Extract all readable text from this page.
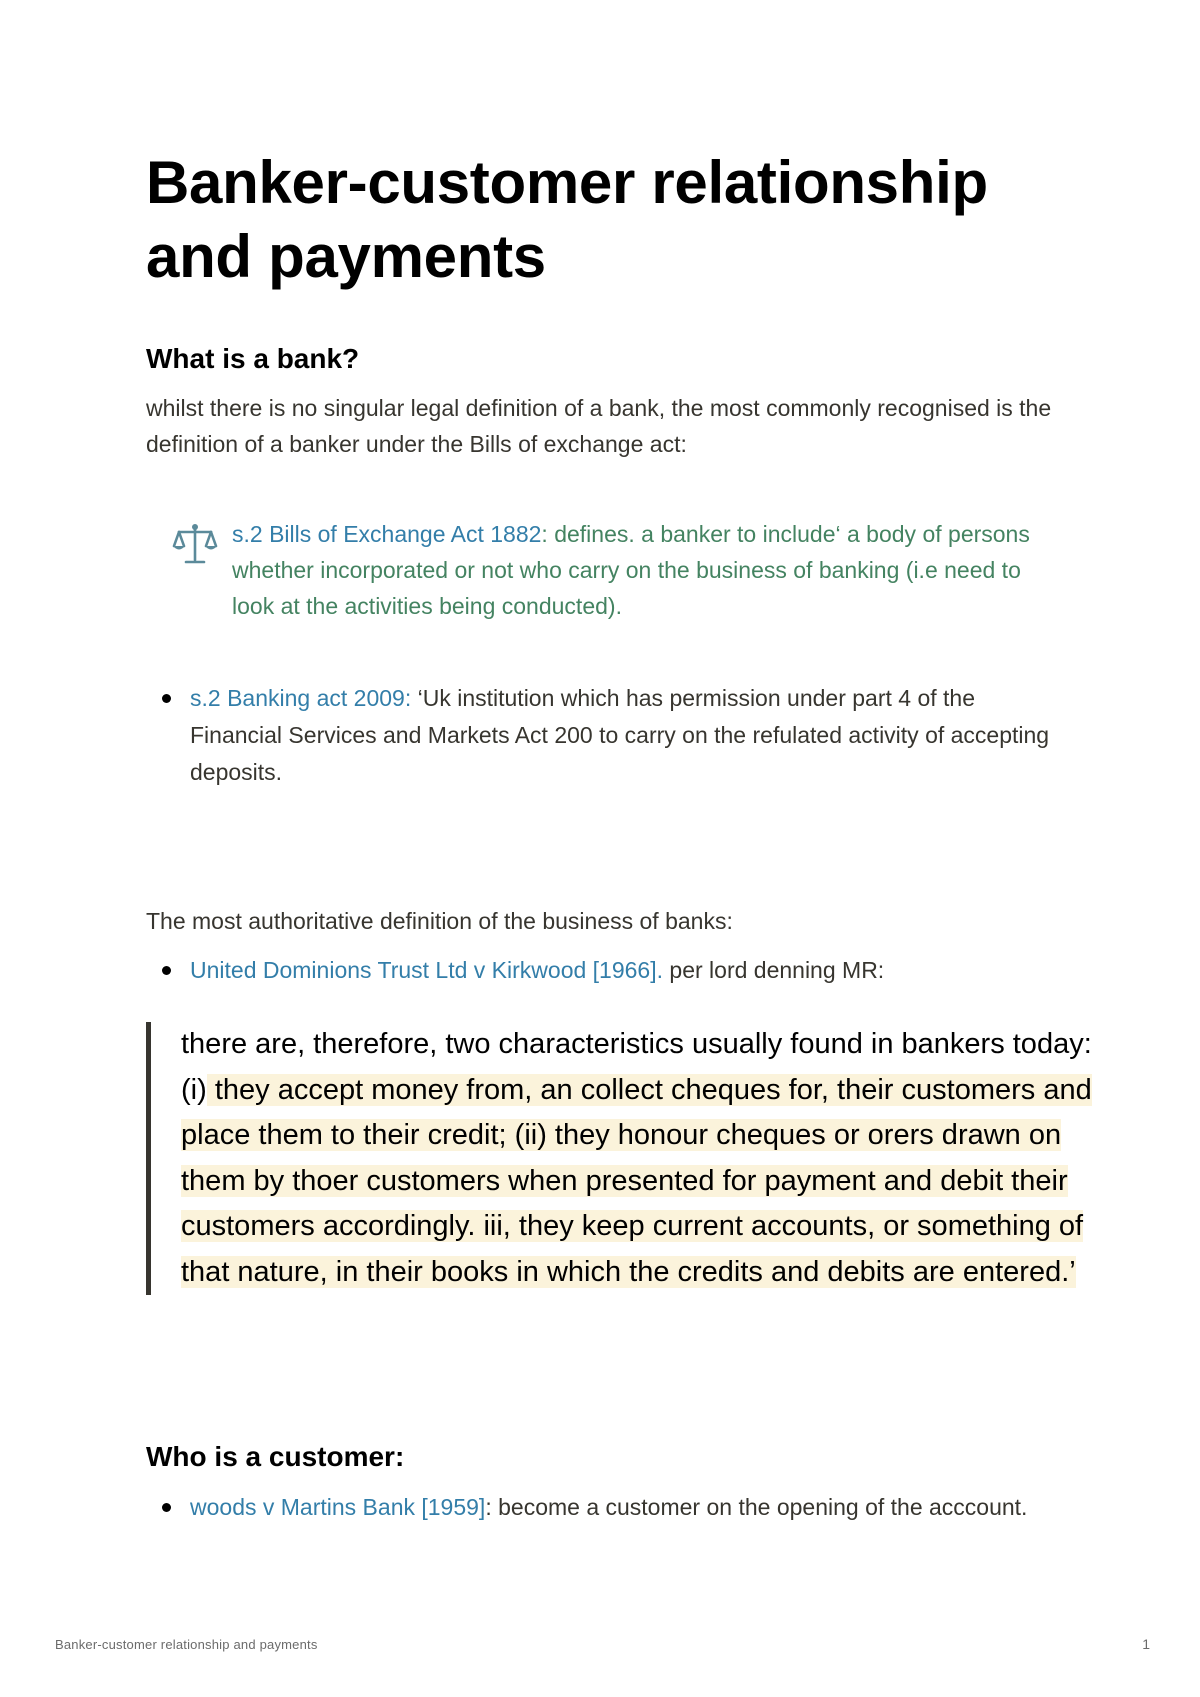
Banker-customer relationship and payments
What is a bank?

whilst there is no singular legal definition of a bank, the most commonly recognised is the definition of a banker under the Bills of exchange act:

s.2 Bills of Exchange Act 1882: defines. a banker to include‘ a body of persons whether incorporated or not who carry on the business of banking (i.e need to look at the activities being conducted).
s.2 Banking act 2009: ‘Uk institution which has permission under part 4 of the Financial Services and Markets Act 200 to carry on the refulated activity of accepting deposits.

The most authoritative definition of the business of banks:

United Dominions Trust Ltd v Kirkwood [1966]. per lord denning MR:
there are, therefore, two characteristics usually found in bankers today: (i) they accept money from, an collect cheques for, their customers and place them to their credit; (ii) they honour cheques or orers drawn on them by thoer customers when presented for payment and debit their customers accordingly. iii, they keep current accounts, or something of that nature, in their books in which the credits and debits are entered.’
Who is a customer:
woods v Martins Bank [1959]: become a customer on the opening of the acccount.
Banker-customer relationship and payments	1
